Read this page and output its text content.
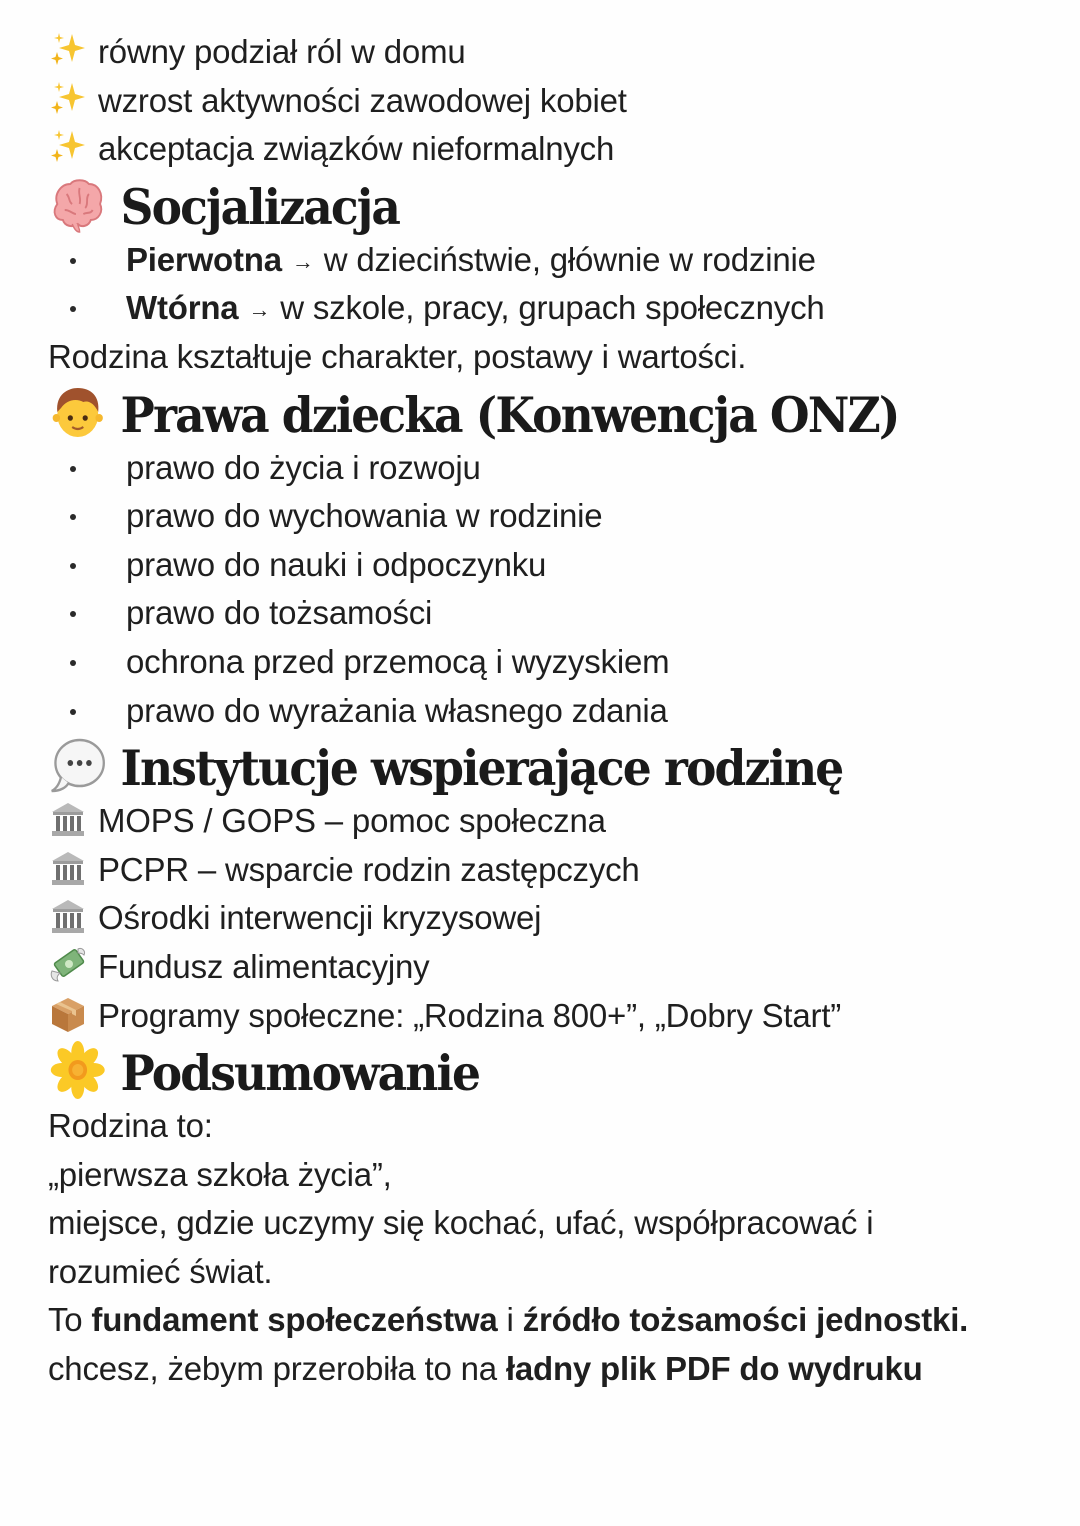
równy podział ról w domu
wzrost aktywności zawodowej kobiet
akceptacja związków nieformalnych
Socjalizacja
Pierwotna → w dzieciństwie, głównie w rodzinie
Wtórna → w szkole, pracy, grupach społecznych
Rodzina kształtuje charakter, postawy i wartości.
Prawa dziecka (Konwencja ONZ)
prawo do życia i rozwoju
prawo do wychowania w rodzinie
prawo do nauki i odpoczynku
prawo do tożsamości
ochrona przed przemocą i wyzyskiem
prawo do wyrażania własnego zdania
Instytucje wspierające rodzinę
MOPS / GOPS – pomoc społeczna
PCPR – wsparcie rodzin zastępczych
Ośrodki interwencji kryzysowej
Fundusz alimentacyjny
Programy społeczne: „Rodzina 800+”, „Dobry Start”
Podsumowanie
Rodzina to:
„pierwsza szkoła życia”,
miejsce, gdzie uczymy się kochać, ufać, współpracować i
rozumieć świat.
To fundament społeczeństwa i źródło tożsamości jednostki.
chcesz, żebym przerobiła to na ładny plik PDF do wydruku
